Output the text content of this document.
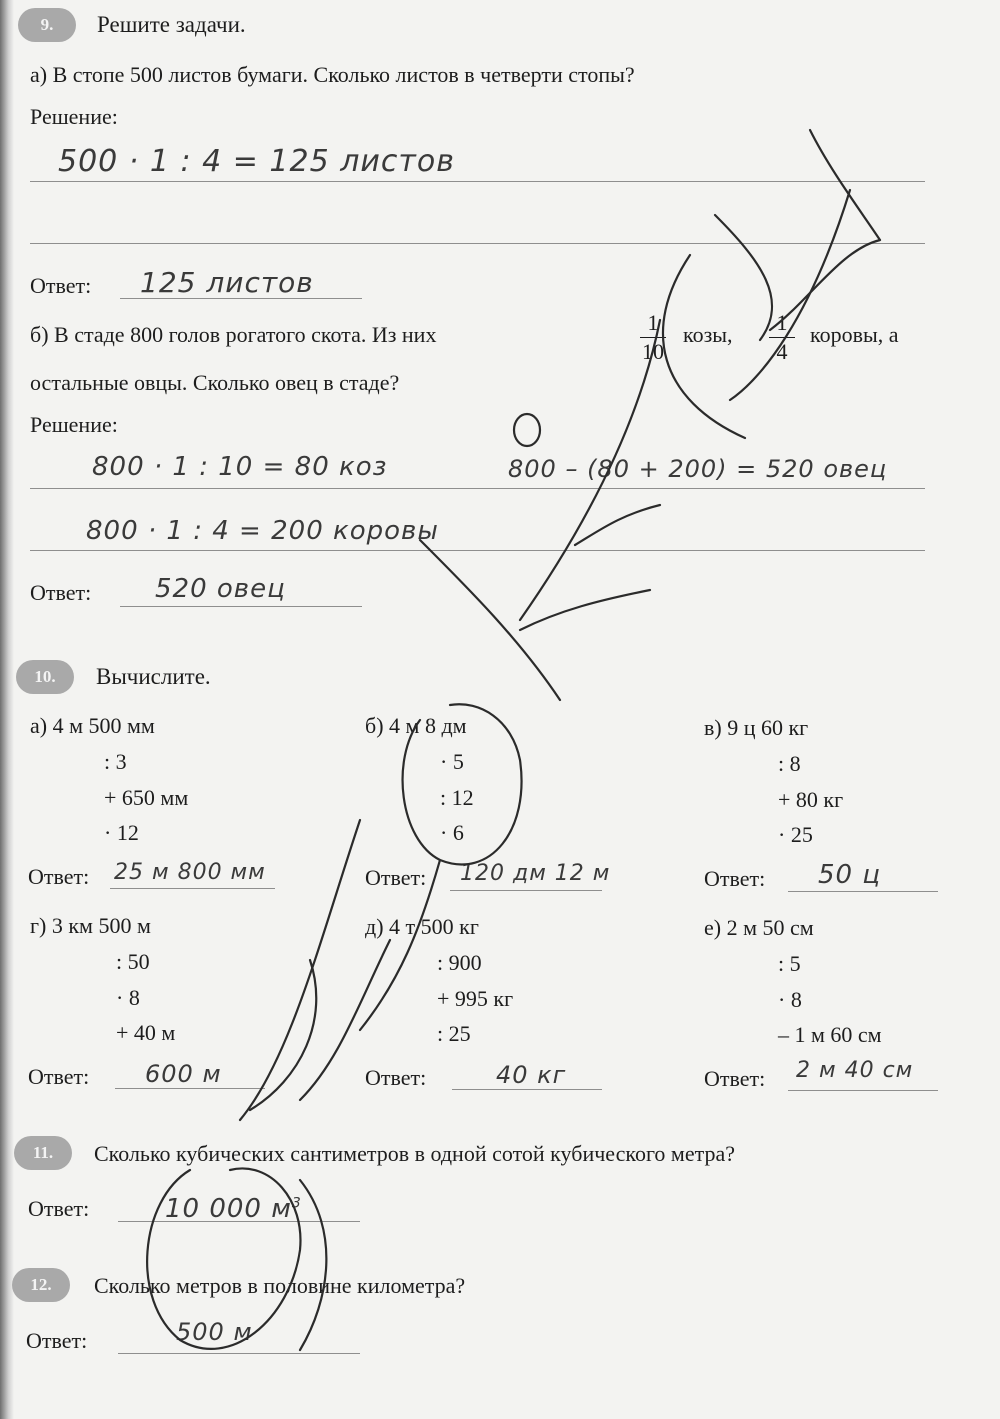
9.	Решите задачи.
а) В стопе 500 листов бумаги. Сколько листов в четверти стопы?
Решение:
500 · 1 : 4 = 125 листов
Ответ: 125 листов
б) В стаде 800 голов рогатого скота. Из них	1
10
козы,	1
4
коровы, а
остальные овцы. Сколько овец в стаде?
Решение:
800 · 1 : 10 = 80 коз	800 – (80 + 200) = 520 овец
800 · 1 : 4 = 200 коровы
Ответ: 520 овец
10.	Вычислите.
а) 4 м 500 мм
: 3
+ 650 мм
· 12
Ответ: 25 м 800 мм
б) 4 м 8 дм
· 5
: 12
· 6
Ответ: 120 дм 12 м
в) 9 ц 60 кг
: 8
+ 80 кг
· 25
Ответ: 50 ц
г) 3 км 500 м
: 50
· 8
+ 40 м
Ответ: 600 м
д) 4 т 500 кг
: 900
+ 995 кг
: 25
Ответ:	40 кг
е) 2 м 50 см
: 5
· 8
– 1 м 60 см
Ответ: 2 м 40 см
11.	Сколько кубических сантиметров в одной сотой кубического метра?
Ответ:	10 000 $м^3$
12.	Сколько метров в половине километра?
Ответ:	500 м
